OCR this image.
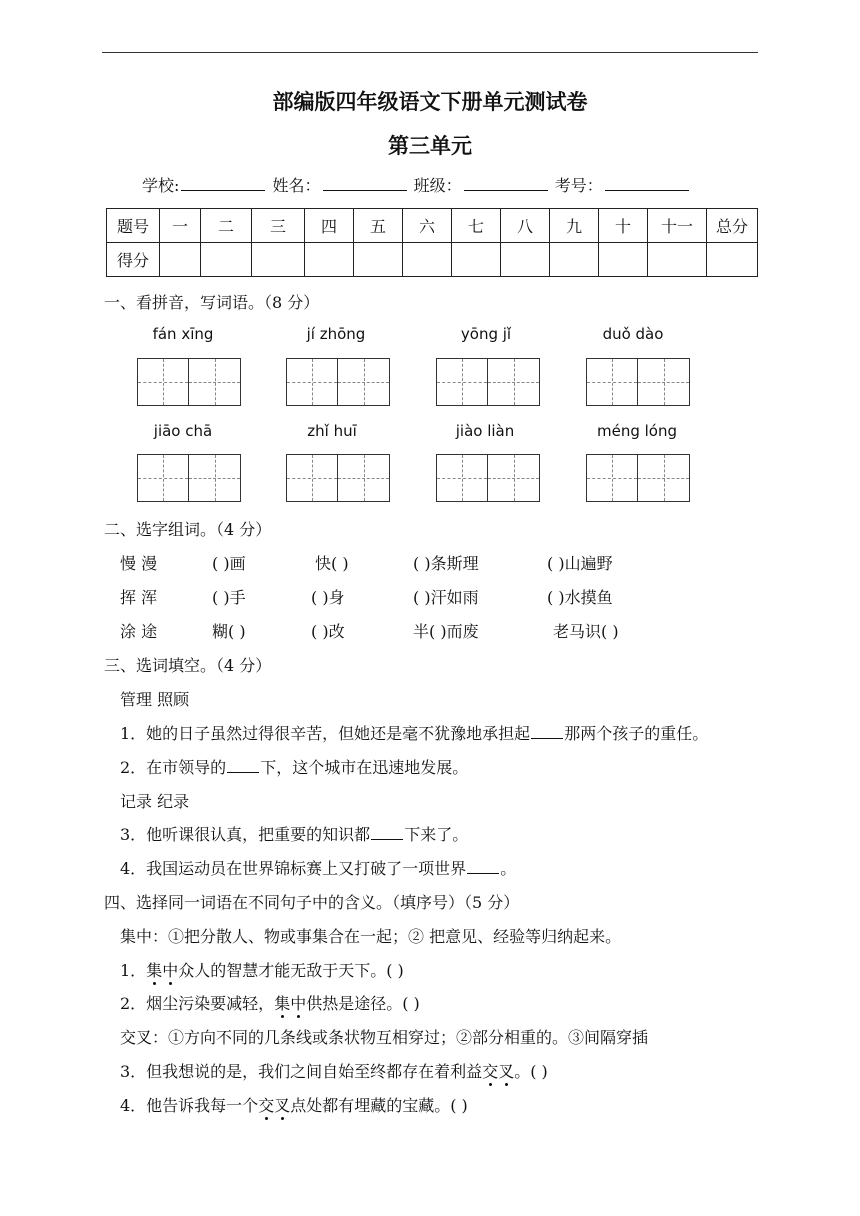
部编版四年级语文下册单元测试卷
第三单元
学校:	姓名：	班级：	考号：
题号	一	二	三	四	五	六	七	八	九	十	十一	总分
得分												
一、看拼音，写词语。（8 分）
fán xīng	jí zhōng	yōng jǐ	duǒ dào
jiāo chā	zhǐ huī	jiào liàn	méng lóng
二、选字组词。（4 分）
慢 漫	( )画	快( )	( )条斯理	( )山遍野
挥 浑	( )手	( )身	( )汗如雨	( )水摸鱼
涂 途	糊( )	( )改	半( )而废	老马识( )
三、选词填空。（4 分）
管理 照顾
1．她的日子虽然过得很辛苦，但她还是毫不犹豫地承担起 那两个孩子的重任。
2．在市领导的 下，这个城市在迅速地发展。
记录 纪录
3．他听课很认真，把重要的知识都 下来了。
4．我国运动员在世界锦标赛上又打破了一项世界 。
四、选择同一词语在不同句子中的含义。（填序号）（5 分）
集中：①把分散人、物或事集合在一起；② 把意见、经验等归纳起来。
1．集中众人的智慧才能无敌于天下。( )
2．烟尘污染要减轻，集中供热是途径。( )
交叉：①方向不同的几条线或条状物互相穿过；②部分相重的。③间隔穿插
3．但我想说的是，我们之间自始至终都存在着利益交叉。( )
4．他告诉我每一个交叉点处都有埋藏的宝藏。( )
